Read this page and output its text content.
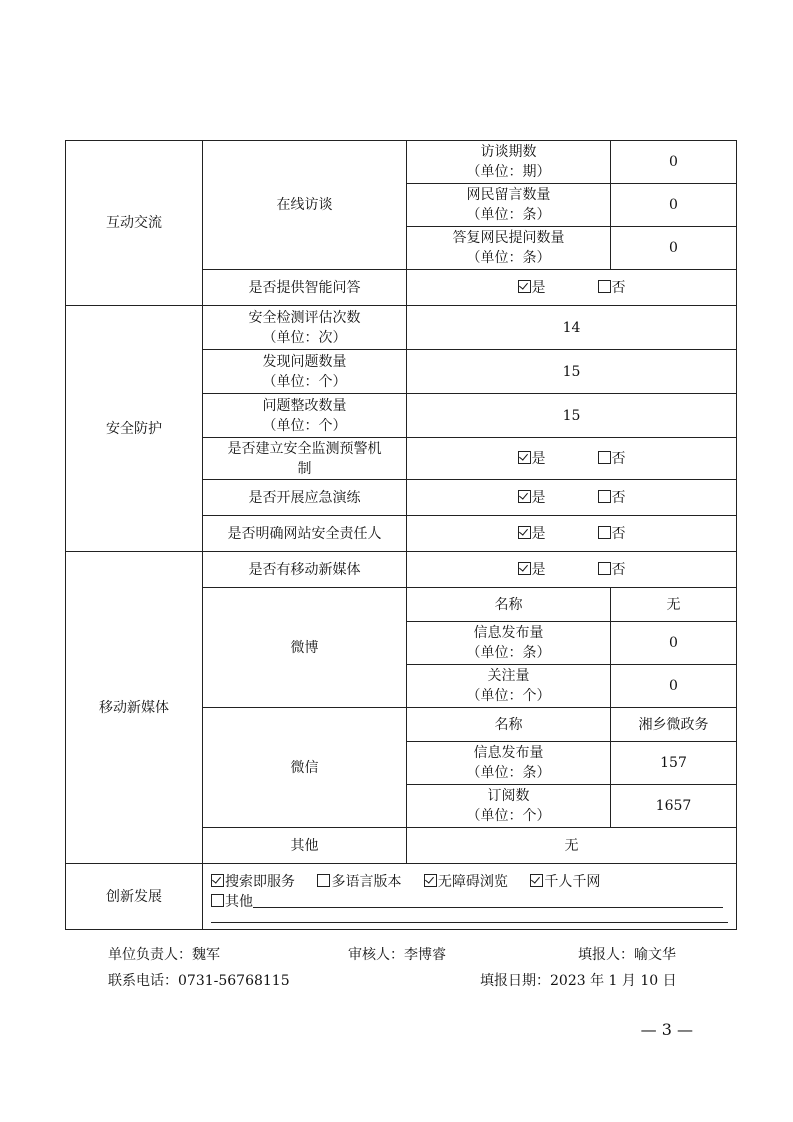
互动交流	在线访谈	访谈期数
（单位：期）	0
		网民留言数量
（单位：条）	0
		答复网民提问数量
（单位：条）	0
	是否提供智能问答	是 否	
安全防护	安全检测评估次数
（单位：次）	14	
	发现问题数量
（单位：个）	15	
	问题整改数量
（单位：个）	15	
	是否建立安全监测预警机
制	是 否	
	是否开展应急演练	是 否	
	是否明确网站安全责任人	是 否	
移动新媒体	是否有移动新媒体	是 否	
	微博	名称	无
		信息发布量
（单位：条）	0
		关注量
（单位：个）	0
	微信	名称	湘乡微政务
		信息发布量
（单位：条）	157
		订阅数
（单位：个）	1657
	其他	无	

创新发展	搜索即服务 多语言版本 无障碍浏览 千人千网
其他		
单位负责人：魏军	审核人：李博睿	填报人：喻文华
联系电话：0731-56768115	填报日期：2023 年 1 月 10 日
— 3 —
